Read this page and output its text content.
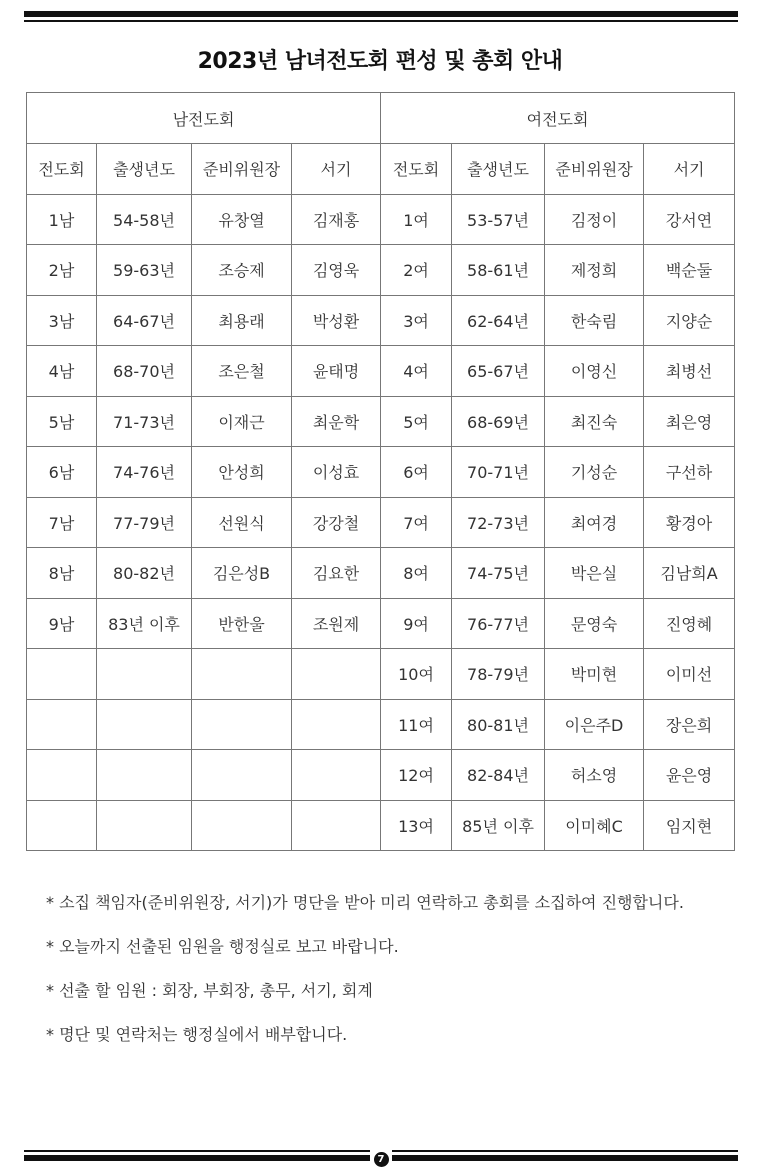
2023년 남녀전도회 편성 및 총회 안내
남전도회				여전도회			
전도회	출생년도	준비위원장	서기	전도회	출생년도	준비위원장	서기
1남	54-58년	유창열	김재홍	1여	53-57년	김정이	강서연
2남	59-63년	조승제	김영욱	2여	58-61년	제정희	백순둘
3남	64-67년	최용래	박성환	3여	62-64년	한숙림	지양순
4남	68-70년	조은철	윤태명	4여	65-67년	이영신	최병선
5남	71-73년	이재근	최운학	5여	68-69년	최진숙	최은영
6남	74-76년	안성희	이성효	6여	70-71년	기성순	구선하
7남	77-79년	선원식	강강철	7여	72-73년	최여경	황경아
8남	80-82년	김은성B	김요한	8여	74-75년	박은실	김남희A
9남	83년 이후	반한울	조원제	9여	76-77년	문영숙	진영혜
				10여	78-79년	박미현	이미선
				11여	80-81년	이은주D	장은희
				12여	82-84년	허소영	윤은영
				13여	85년 이후	이미혜C	임지현

* 소집 책임자(준비위원장, 서기)가 명단을 받아 미리 연락하고 총회를 소집하여 진행합니다.

* 오늘까지 선출된 임원을 행정실로 보고 바랍니다.

* 선출 할 임원 : 회장, 부회장, 총무, 서기, 회계

* 명단 및 연락처는 행정실에서 배부합니다.

7
